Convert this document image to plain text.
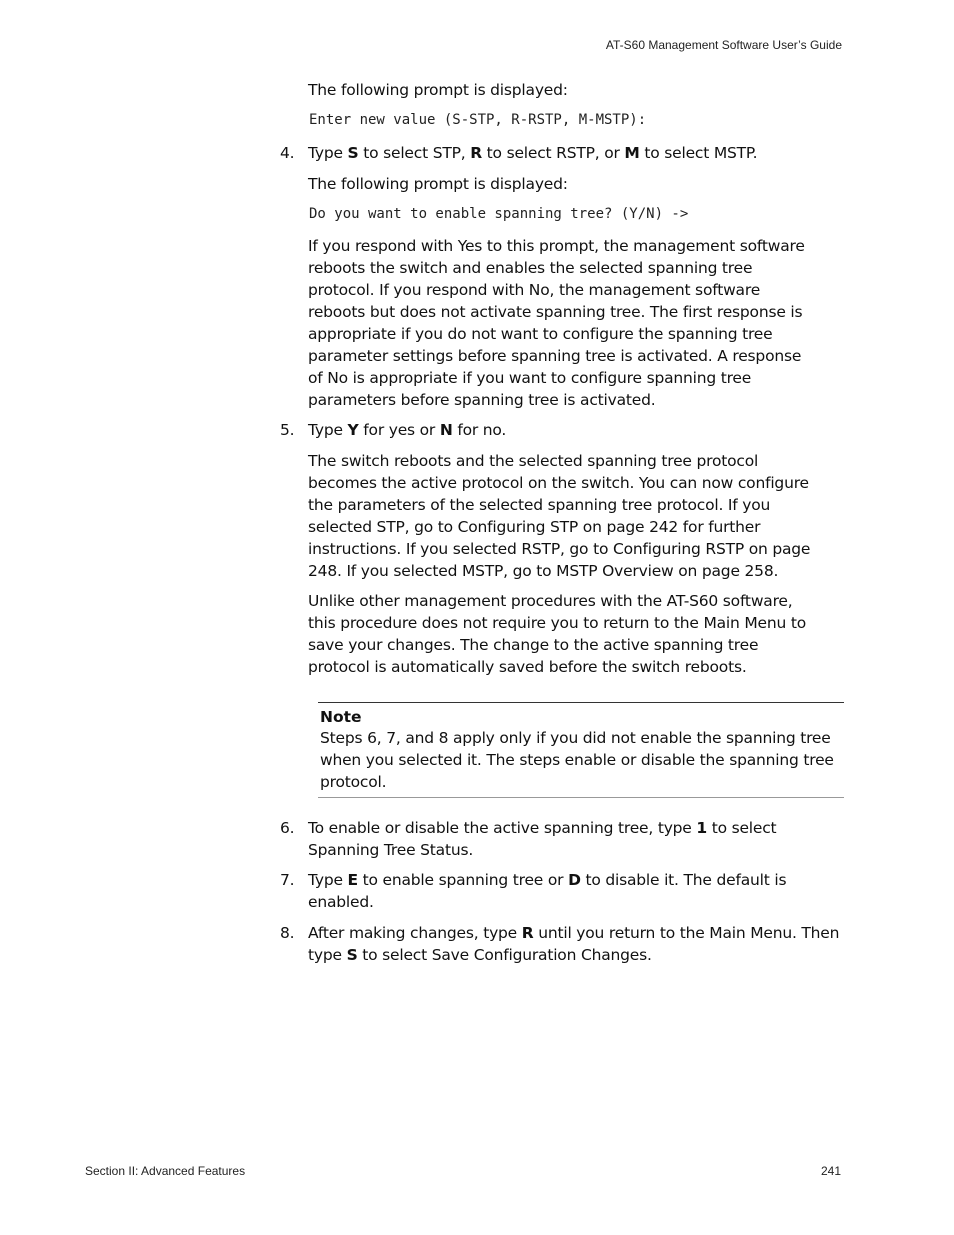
AT-S60 Management Software User’s Guide
The following prompt is displayed:
Enter new value (S-STP, R-RSTP, M-MSTP):
4. Type S to select STP, R to select RSTP, or M to select MSTP.
The following prompt is displayed:
Do you want to enable spanning tree? (Y/N) ->
If you respond with Yes to this prompt, the management software reboots the switch and enables the selected spanning tree protocol. If you respond with No, the management software reboots but does not activate spanning tree. The first response is appropriate if you do not want to configure the spanning tree parameter settings before spanning tree is activated. A response of No is appropriate if you want to configure spanning tree parameters before spanning tree is activated.
5. Type Y for yes or N for no.
The switch reboots and the selected spanning tree protocol becomes the active protocol on the switch. You can now configure the parameters of the selected spanning tree protocol. If you selected STP, go to Configuring STP on page 242 for further instructions. If you selected RSTP, go to Configuring RSTP on page 248. If you selected MSTP, go to MSTP Overview on page 258.
Unlike other management procedures with the AT-S60 software, this procedure does not require you to return to the Main Menu to save your changes. The change to the active spanning tree protocol is automatically saved before the switch reboots.
Note
Steps 6, 7, and 8 apply only if you did not enable the spanning tree when you selected it. The steps enable or disable the spanning tree protocol.
6. To enable or disable the active spanning tree, type 1 to select Spanning Tree Status.
7. Type E to enable spanning tree or D to disable it. The default is enabled.
8. After making changes, type R until you return to the Main Menu. Then type S to select Save Configuration Changes.
Section II: Advanced Features	241
